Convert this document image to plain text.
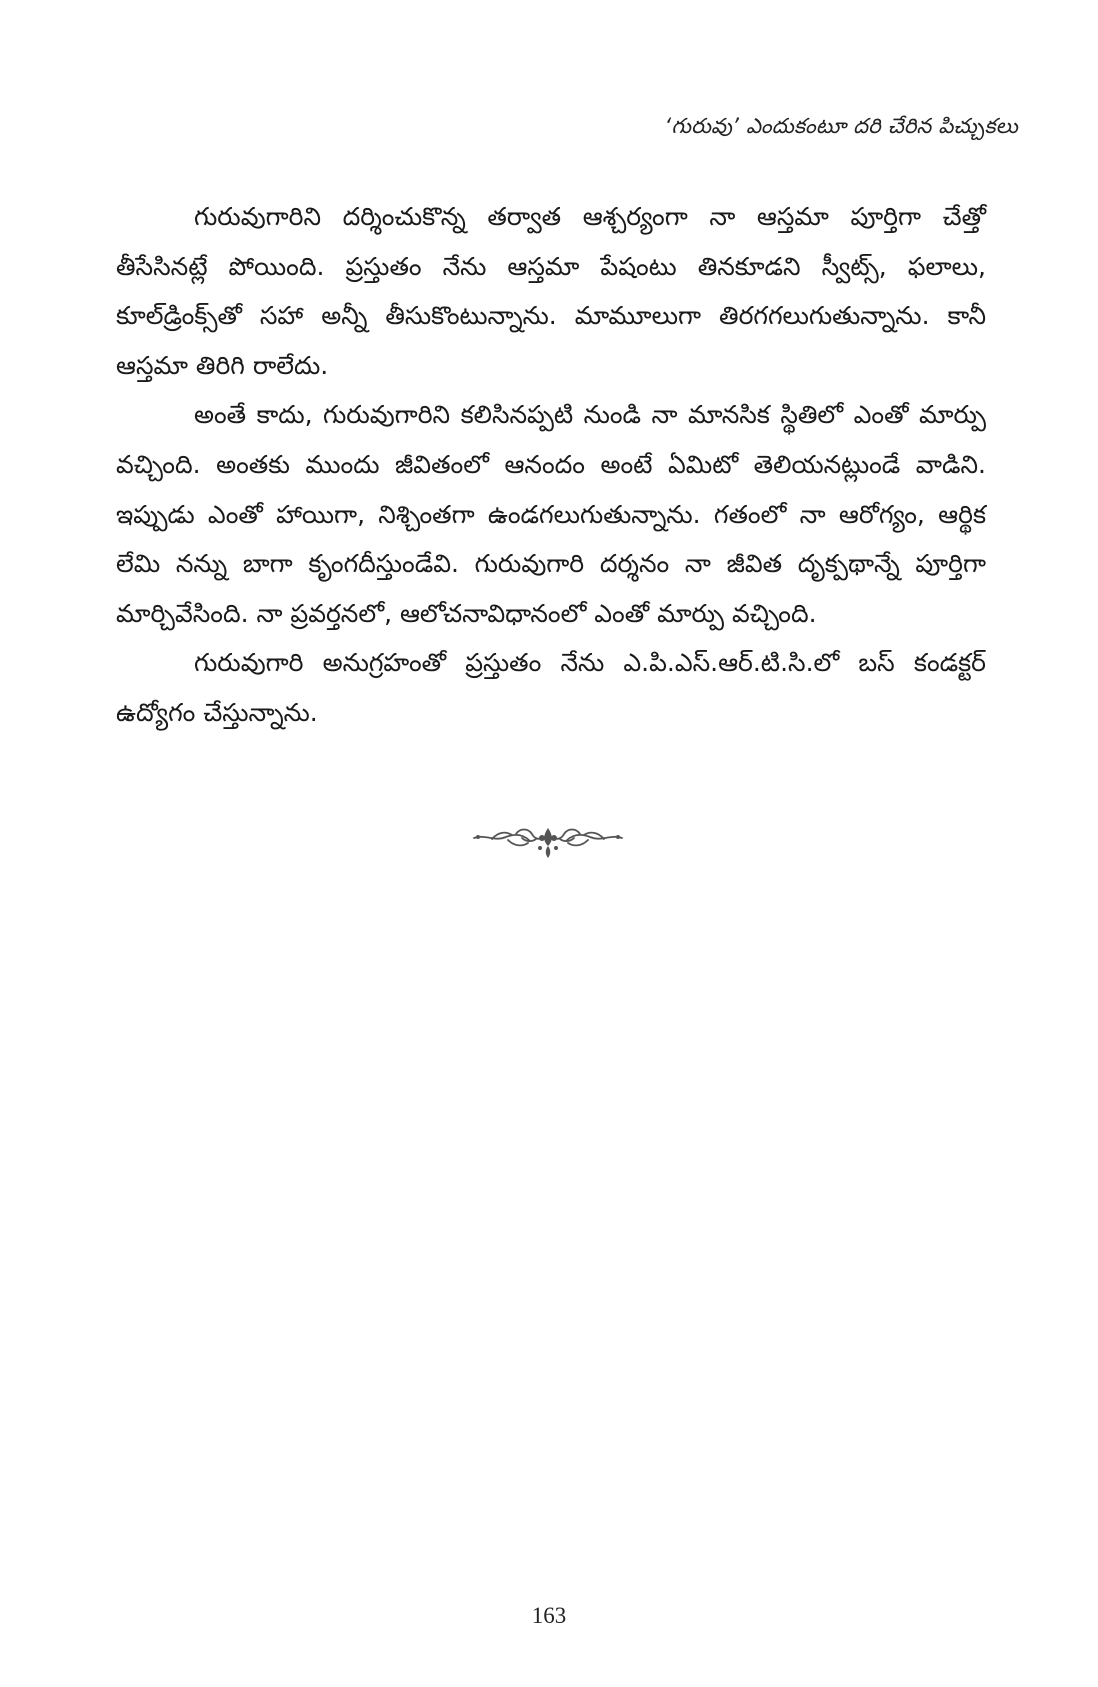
‘గురువు’ ఎందుకంటూ దరి చేరిన పిచ్చుకలు

గురువుగారిని దర్శించుకొన్న తర్వాత ఆశ్చర్యంగా నా ఆస్తమా పూర్తిగా చేత్తో తీసేసినట్లే పోయింది. ప్రస్తుతం నేను ఆస్తమా పేషంటు తినకూడని స్వీట్స్, ఫలాలు, కూల్‌డ్రింక్స్‌తో సహా అన్నీ తీసుకొంటున్నాను. మామూలుగా తిరగగలుగుతున్నాను. కానీ ఆస్తమా తిరిగి రాలేదు.

అంతే కాదు, గురువుగారిని కలిసినప్పటి నుండి నా మానసిక స్థితిలో ఎంతో మార్పు వచ్చింది. అంతకు ముందు జీవితంలో ఆనందం అంటే ఏమిటో తెలియనట్లుండే వాడిని. ఇప్పుడు ఎంతో హాయిగా, నిశ్చింతగా ఉండగలుగుతున్నాను. గతంలో నా ఆరోగ్యం, ఆర్థిక లేమి నన్ను బాగా కృంగదీస్తుండేవి. గురువుగారి దర్శనం నా జీవిత దృక్పథాన్నే పూర్తిగా మార్చివేసింది. నా ప్రవర్తనలో, ఆలోచనావిధానంలో ఎంతో మార్పు వచ్చింది.

గురువుగారి అనుగ్రహంతో ప్రస్తుతం నేను ఎ.పి.ఎస్.ఆర్.టి.సి.లో బస్ కండక్టర్ ఉద్యోగం చేస్తున్నాను.

163
